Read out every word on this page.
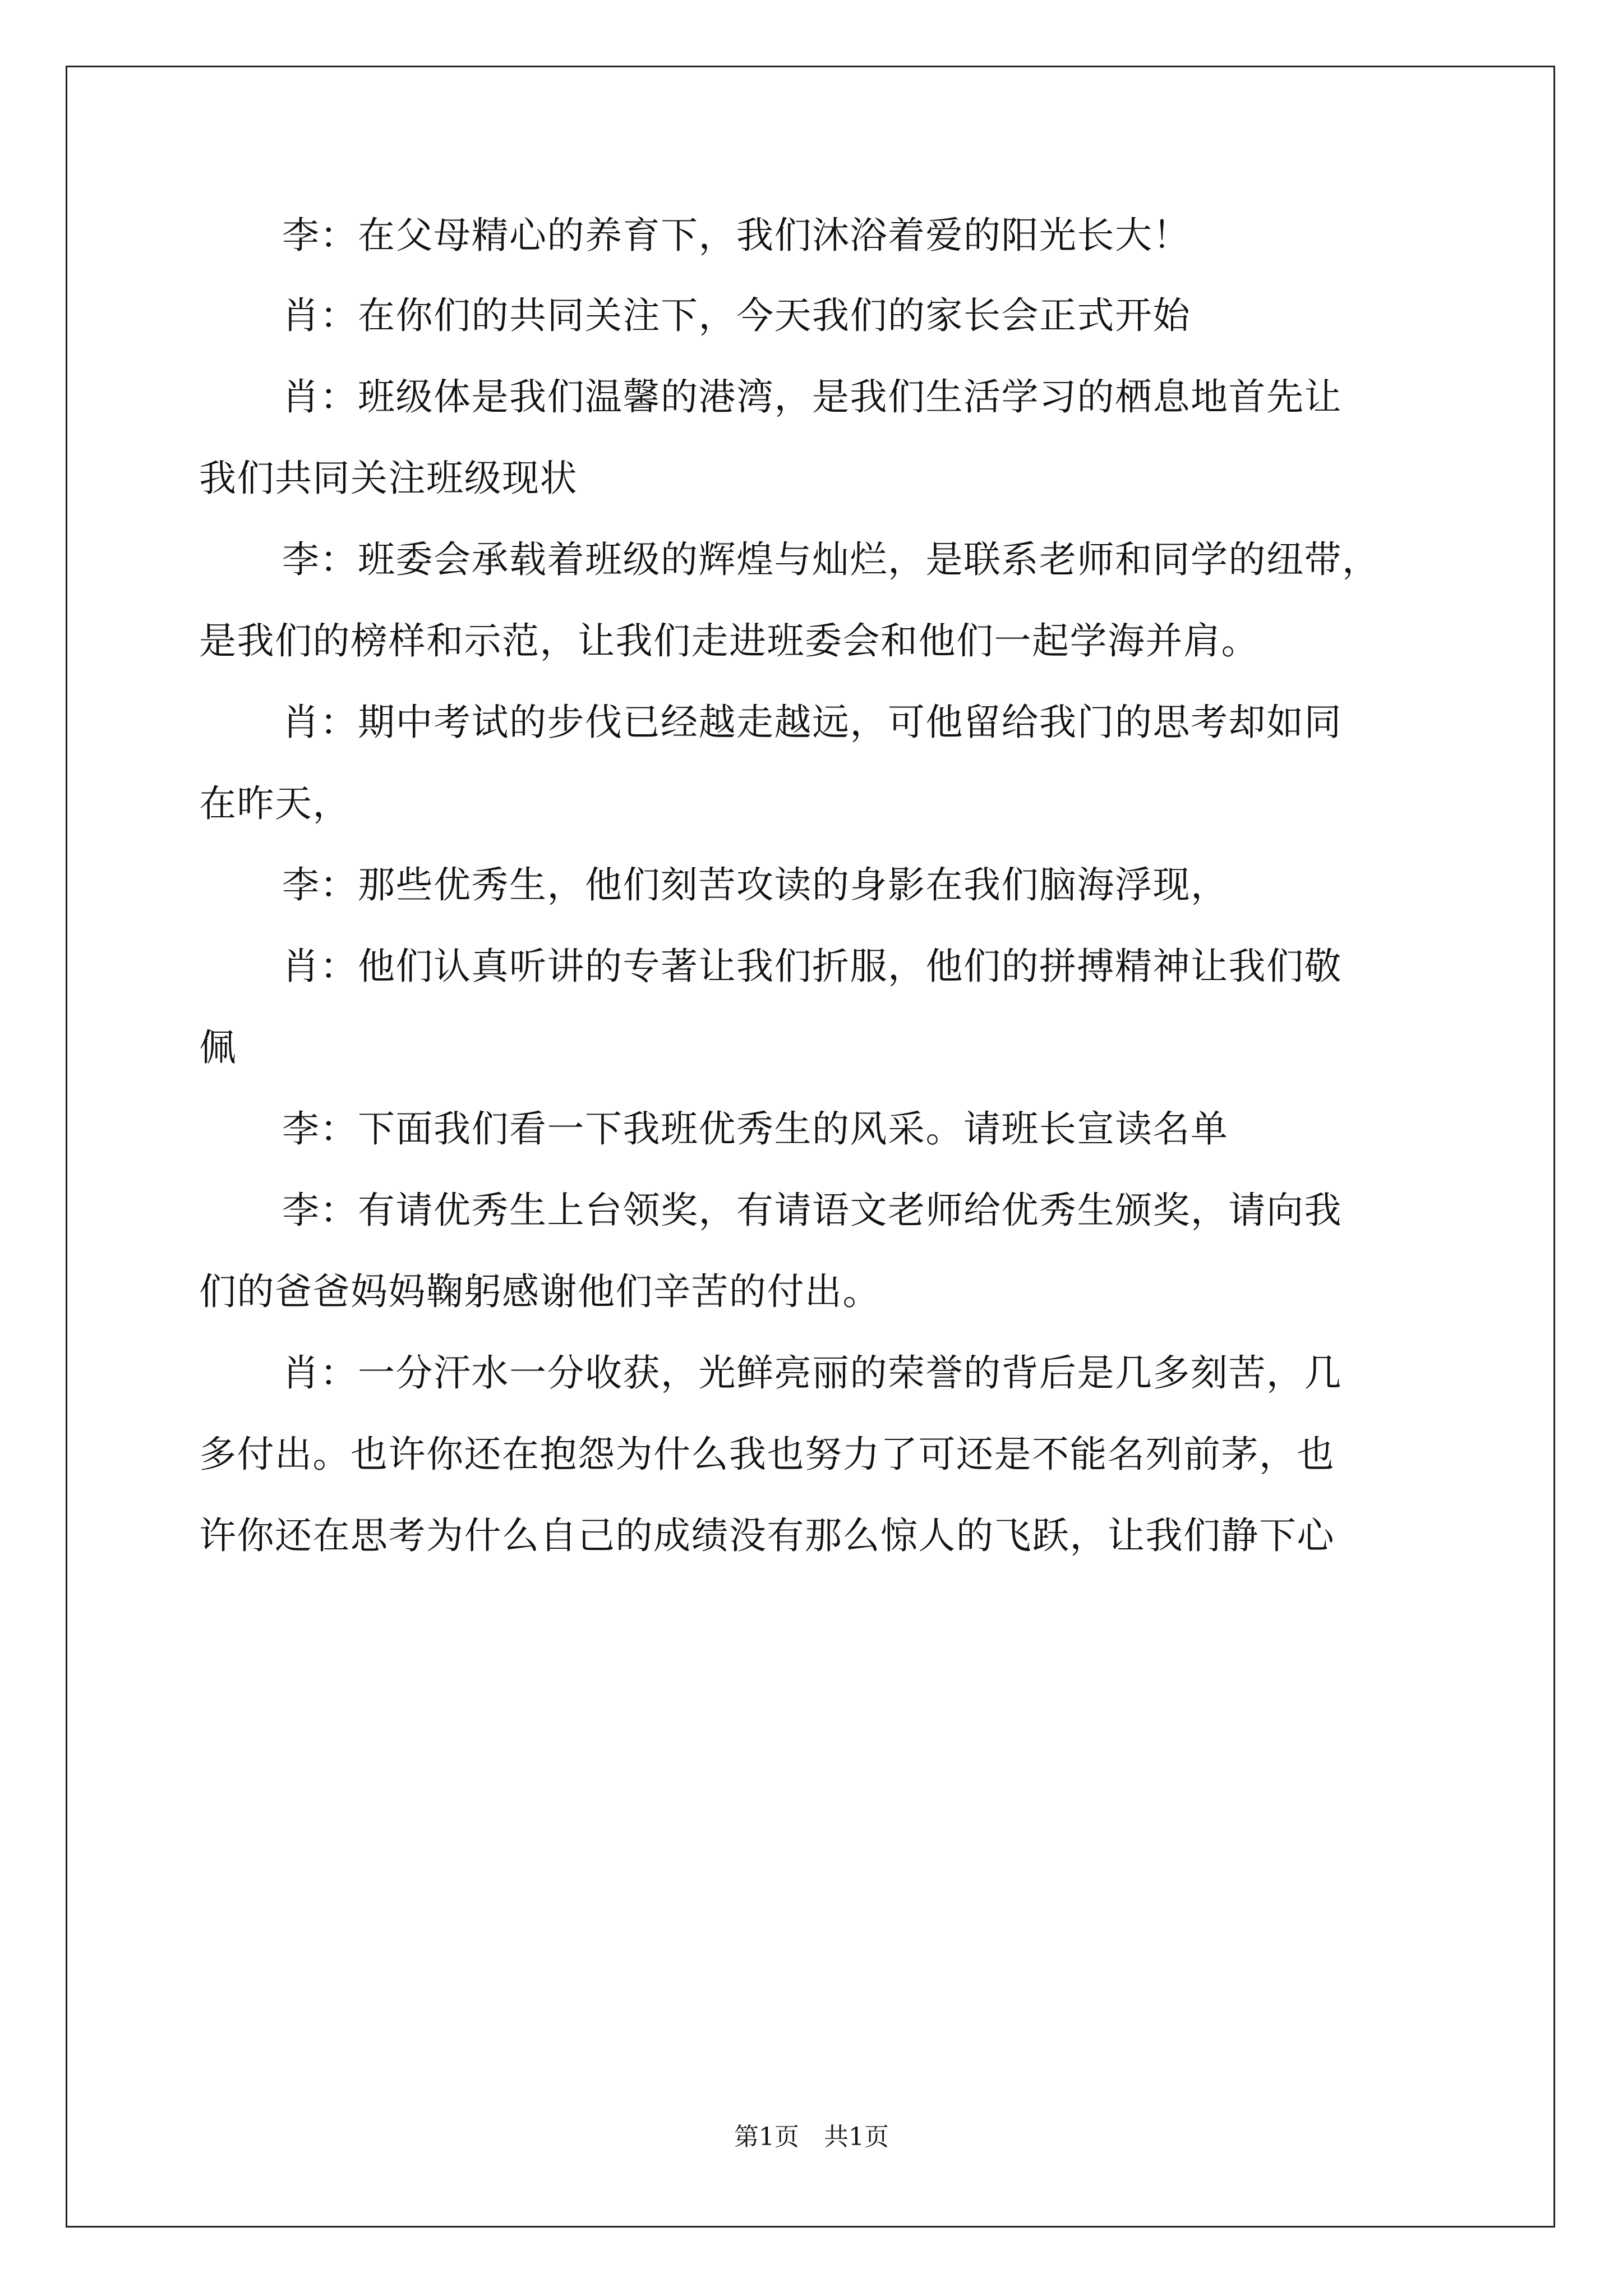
李：在父母精心的养育下，我们沐浴着爱的阳光长大！
肖：在你们的共同关注下，今天我们的家长会正式开始
肖：班级体是我们温馨的港湾，是我们生活学习的栖息地首先让
我们共同关注班级现状
李：班委会承载着班级的辉煌与灿烂，是联系老师和同学的纽带，
是我们的榜样和示范，让我们走进班委会和他们一起学海并肩。
肖：期中考试的步伐已经越走越远，可他留给我门的思考却如同
在昨天，
李：那些优秀生，他们刻苦攻读的身影在我们脑海浮现，
肖：他们认真听讲的专著让我们折服，他们的拼搏精神让我们敬
佩
李：下面我们看一下我班优秀生的风采。请班长宣读名单
李：有请优秀生上台领奖，有请语文老师给优秀生颁奖，请向我
们的爸爸妈妈鞠躬感谢他们辛苦的付出。
肖：一分汗水一分收获，光鲜亮丽的荣誉的背后是几多刻苦，几
多付出。也许你还在抱怨为什么我也努力了可还是不能名列前茅，也
许你还在思考为什么自己的成绩没有那么惊人的飞跃，让我们静下心
第1页　共1页
